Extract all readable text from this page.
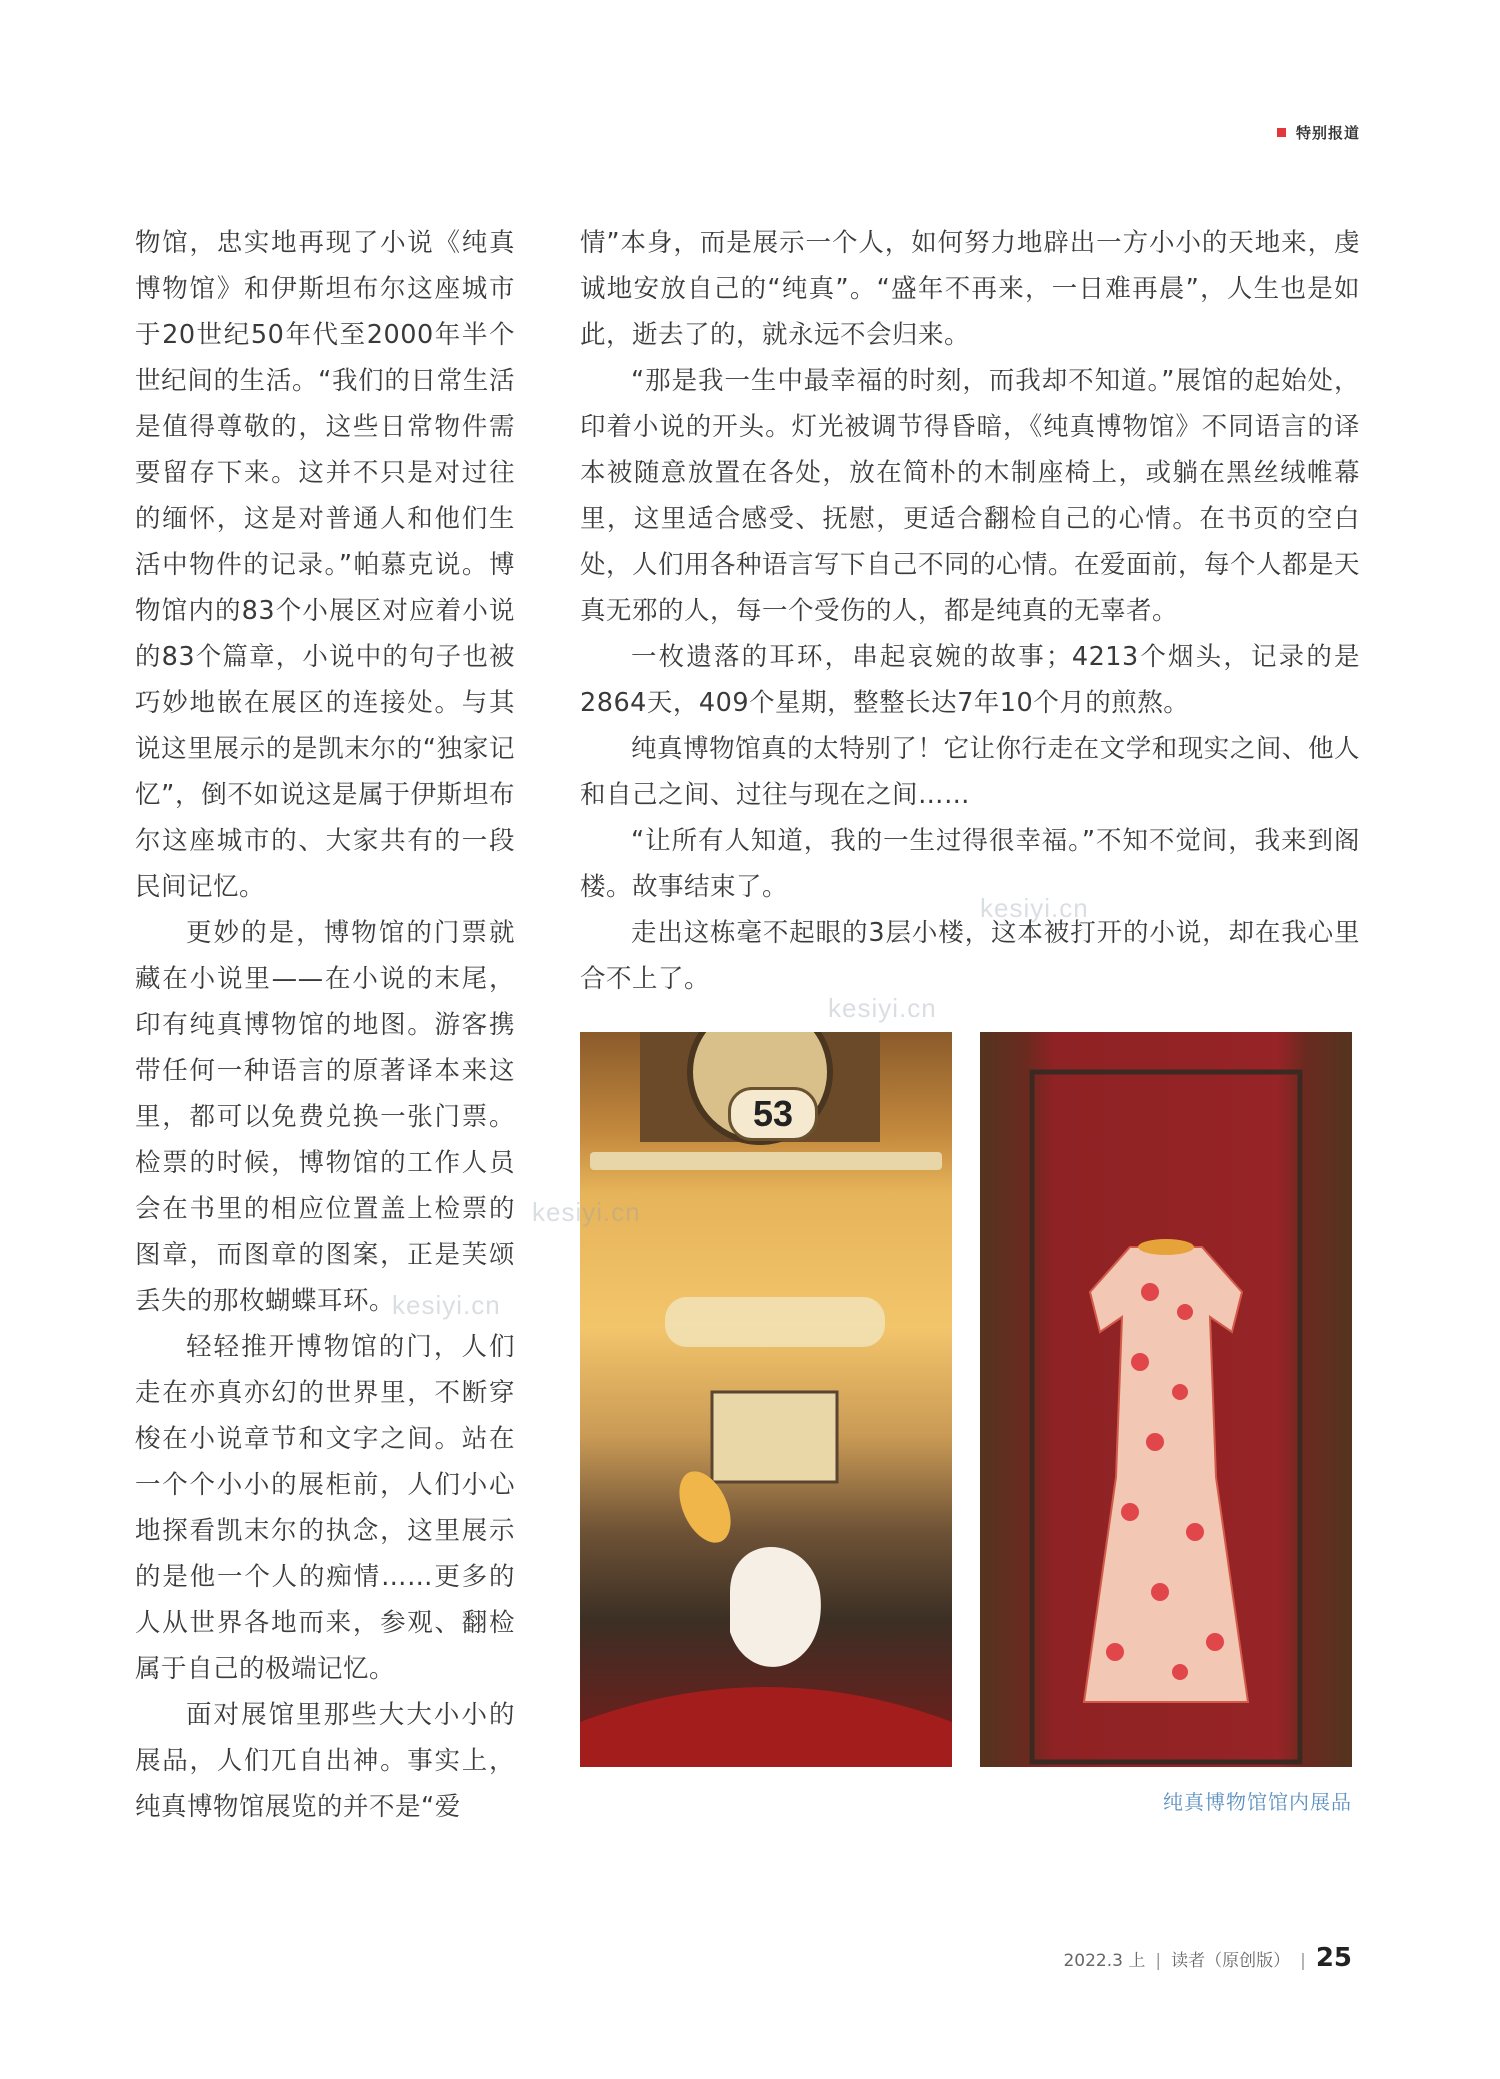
特别报道

物馆，忠实地再现了小说《纯真博物馆》和伊斯坦布尔这座城市于20世纪50年代至2000年半个世纪间的生活。“我们的日常生活是值得尊敬的，这些日常物件需要留存下来。这并不只是对过往的缅怀，这是对普通人和他们生活中物件的记录。”帕慕克说。博物馆内的83个小展区对应着小说的83个篇章，小说中的句子也被巧妙地嵌在展区的连接处。与其说这里展示的是凯末尔的“独家记忆”，倒不如说这是属于伊斯坦布尔这座城市的、大家共有的一段民间记忆。

更妙的是，博物馆的门票就藏在小说里——在小说的末尾，印有纯真博物馆的地图。游客携带任何一种语言的原著译本来这里，都可以免费兑换一张门票。检票的时候，博物馆的工作人员会在书里的相应位置盖上检票的图章，而图章的图案，正是芙颂丢失的那枚蝴蝶耳环。

轻轻推开博物馆的门，人们走在亦真亦幻的世界里，不断穿梭在小说章节和文字之间。站在一个个小小的展柜前，人们小心地探看凯末尔的执念，这里展示的是他一个人的痴情……更多的人从世界各地而来，参观、翻检属于自己的极端记忆。

面对展馆里那些大大小小的展品，人们兀自出神。事实上，纯真博物馆展览的并不是“爱

情”本身，而是展示一个人，如何努力地辟出一方小小的天地来，虔诚地安放自己的“纯真”。“盛年不再来，一日难再晨”，人生也是如此，逝去了的，就永远不会归来。

“那是我一生中最幸福的时刻，而我却不知道。”展馆的起始处，印着小说的开头。灯光被调节得昏暗，《纯真博物馆》不同语言的译本被随意放置在各处，放在简朴的木制座椅上，或躺在黑丝绒帷幕里，这里适合感受、抚慰，更适合翻检自己的心情。在书页的空白处，人们用各种语言写下自己不同的心情。在爱面前，每个人都是天真无邪的人，每一个受伤的人，都是纯真的无辜者。

一枚遗落的耳环，串起哀婉的故事；4213个烟头，记录的是2864天，409个星期，整整长达7年10个月的煎熬。

纯真博物馆真的太特别了！它让你行走在文学和现实之间、他人和自己之间、过往与现在之间……

“让所有人知道，我的一生过得很幸福。”不知不觉间，我来到阁楼。故事结束了。

走出这栋毫不起眼的3层小楼，这本被打开的小说，却在我心里合不上了。

53
纯真博物馆馆内展品
kesiyi.cn
kesiyi.cn
kesiyi.cn
kesiyi.cn
2022.3 上 | 读者（原创版） | 25
